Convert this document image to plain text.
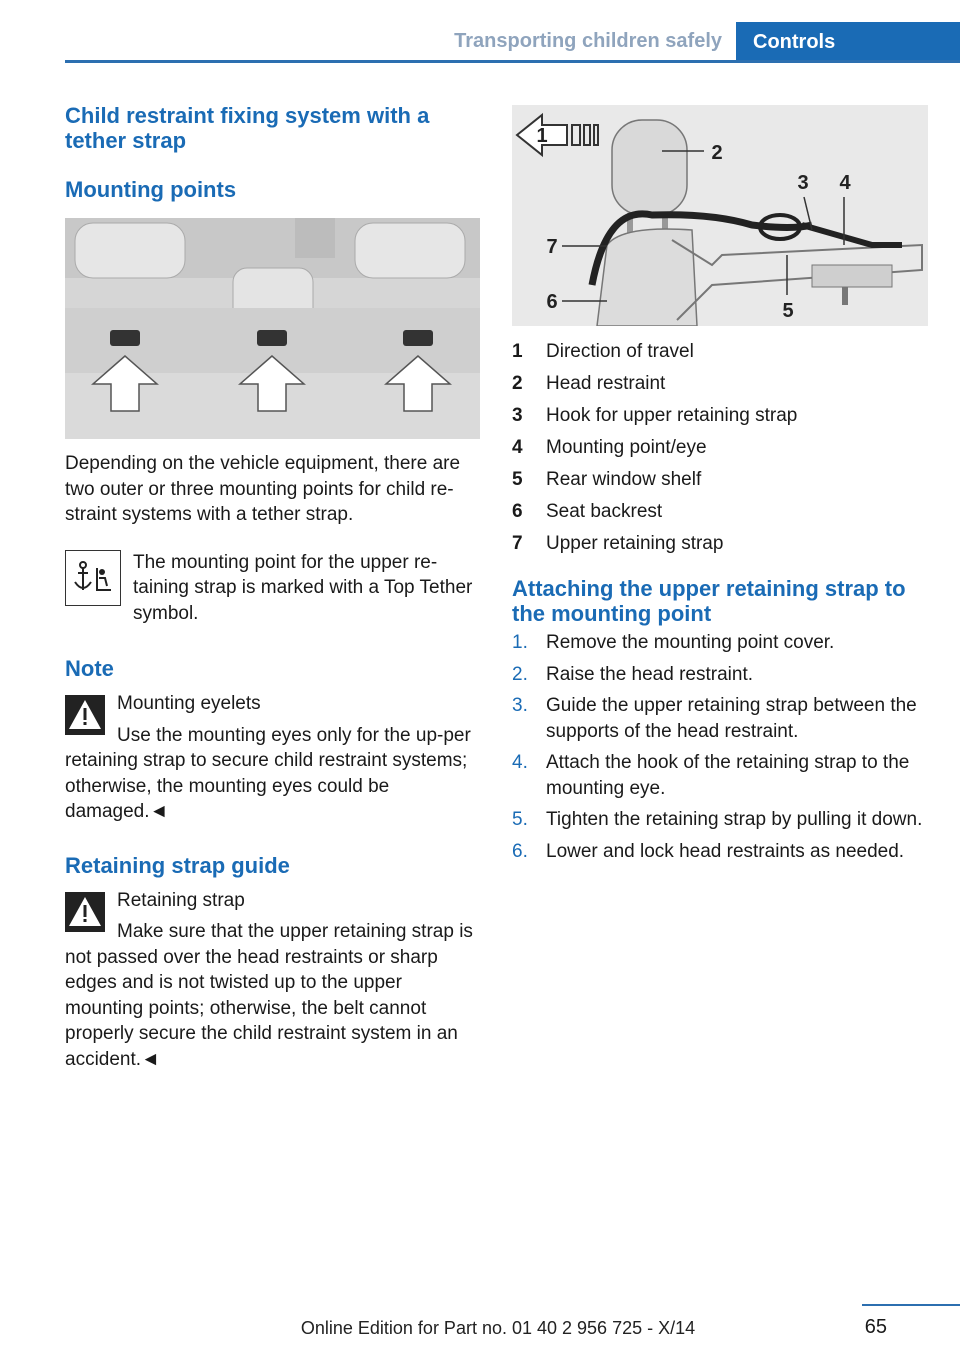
Transporting children safely Controls
Child restraint fixing system with a tether strap
Mounting points

Depending on the vehicle equipment, there are two outer or three mounting points for child re‐straint systems with a tether strap.

The mounting point for the upper re‐taining strap is marked with a Top Tether symbol.

Note
Mounting eyelets

Use the mounting eyes only for the up‐per retaining strap to secure child restraint systems; otherwise, the mounting eyes could be damaged.◄

Retaining strap guide
Retaining strap

Make sure that the upper retaining strap is not passed over the head restraints or sharp edges and is not twisted up to the upper mounting points; otherwise, the belt cannot properly secure the child restraint system in an accident.◄

1
2
3 4
5
6
7
1	Direction of travel
2	Head restraint
3	Hook for upper retaining strap
4	Mounting point/eye
5	Rear window shelf
6	Seat backrest
7	Upper retaining strap
Attaching the upper retaining strap to the mounting point
1. Remove the mounting point cover.
2. Raise the head restraint.
3. Guide the upper retaining strap between the supports of the head restraint.
4. Attach the hook of the retaining strap to the mounting eye.
5. Tighten the retaining strap by pulling it down.
6. Lower and lock head restraints as needed.
65
Online Edition for Part no. 01 40 2 956 725 - X/14
